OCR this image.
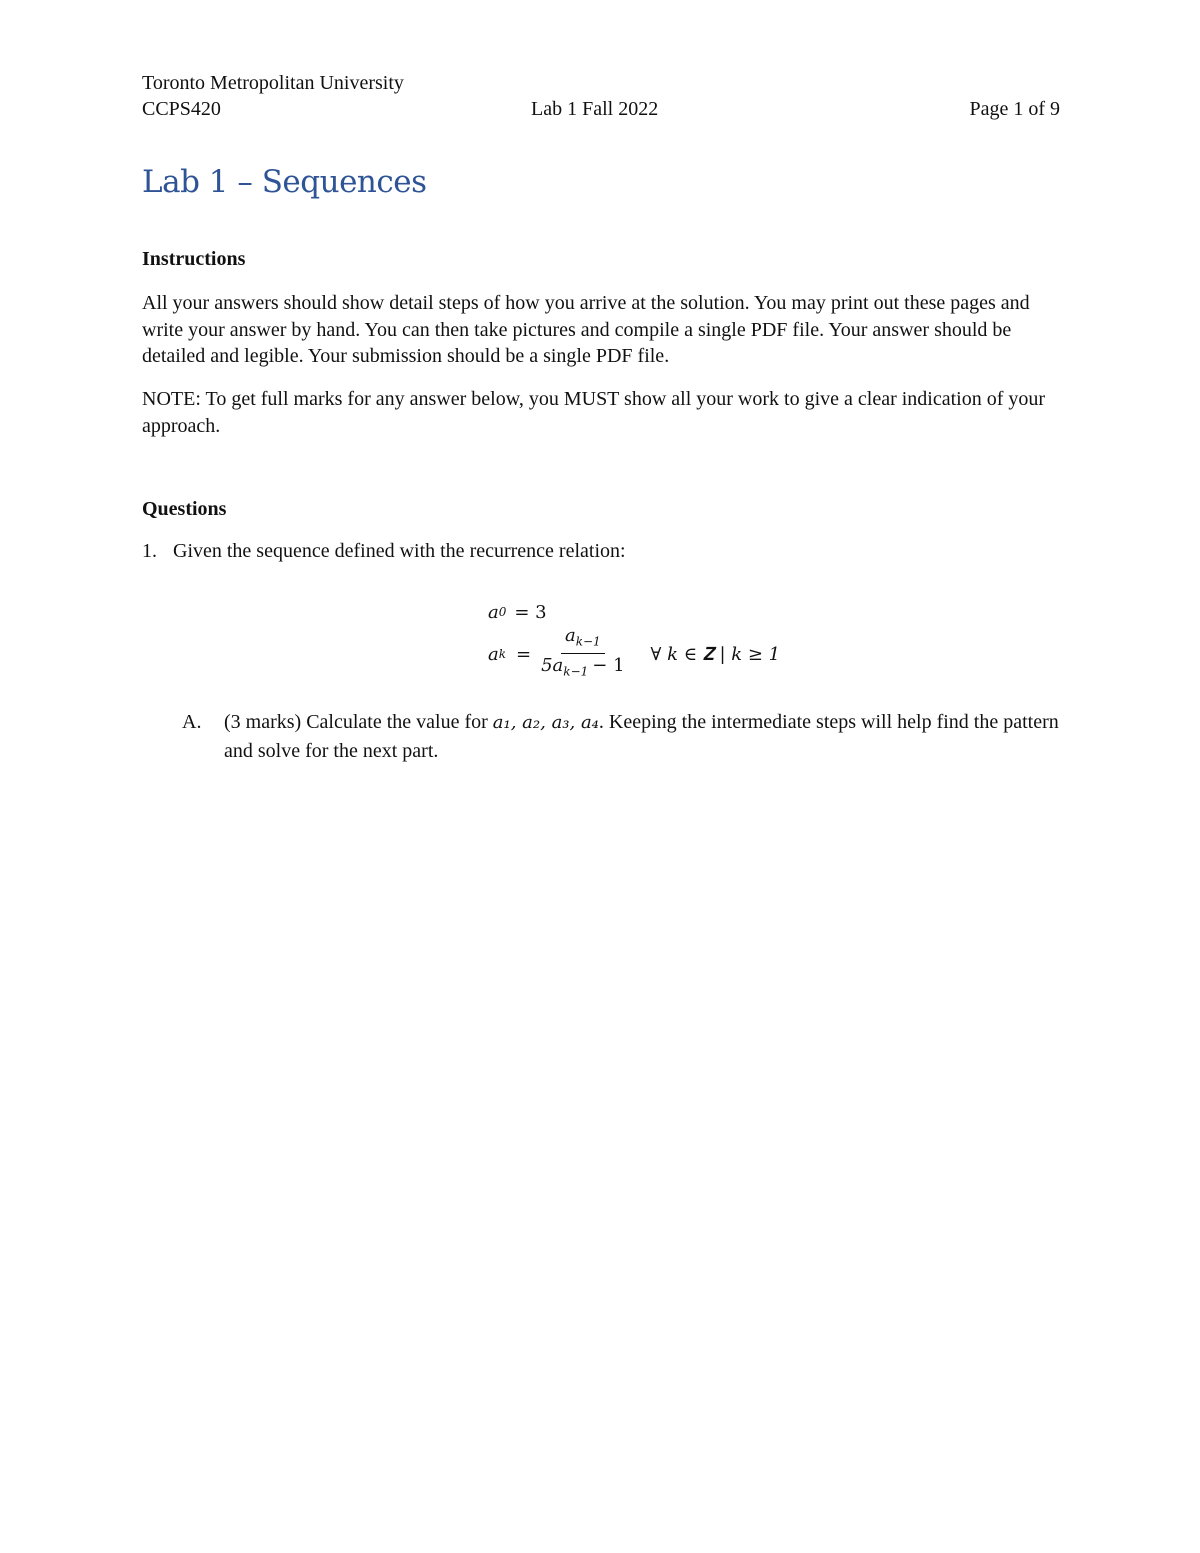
Toronto Metropolitan University
CCPS420	Page 1 of 9
Lab 1 Fall 2022
Lab 1 – Sequences
Instructions
All your answers should show detail steps of how you arrive at the solution. You may print out these pages and write your answer by hand. You can then take pictures and compile a single PDF file. Your answer should be detailed and legible. Your submission should be a single PDF file.
NOTE: To get full marks for any answer below, you MUST show all your work to give a clear indication of your approach.
Questions
1. Given the sequence defined with the recurrence relation:
a 0 = 3
a $k = \frac{a_{k-1}}{5a_{k-1} - 1}$ ∀ k ∈ 𝐙 | k ≥ 1
A.	(3 marks) Calculate the value for a₁, a₂, a₃, a₄. Keeping the intermediate steps will help find the pattern and solve for the next part.
